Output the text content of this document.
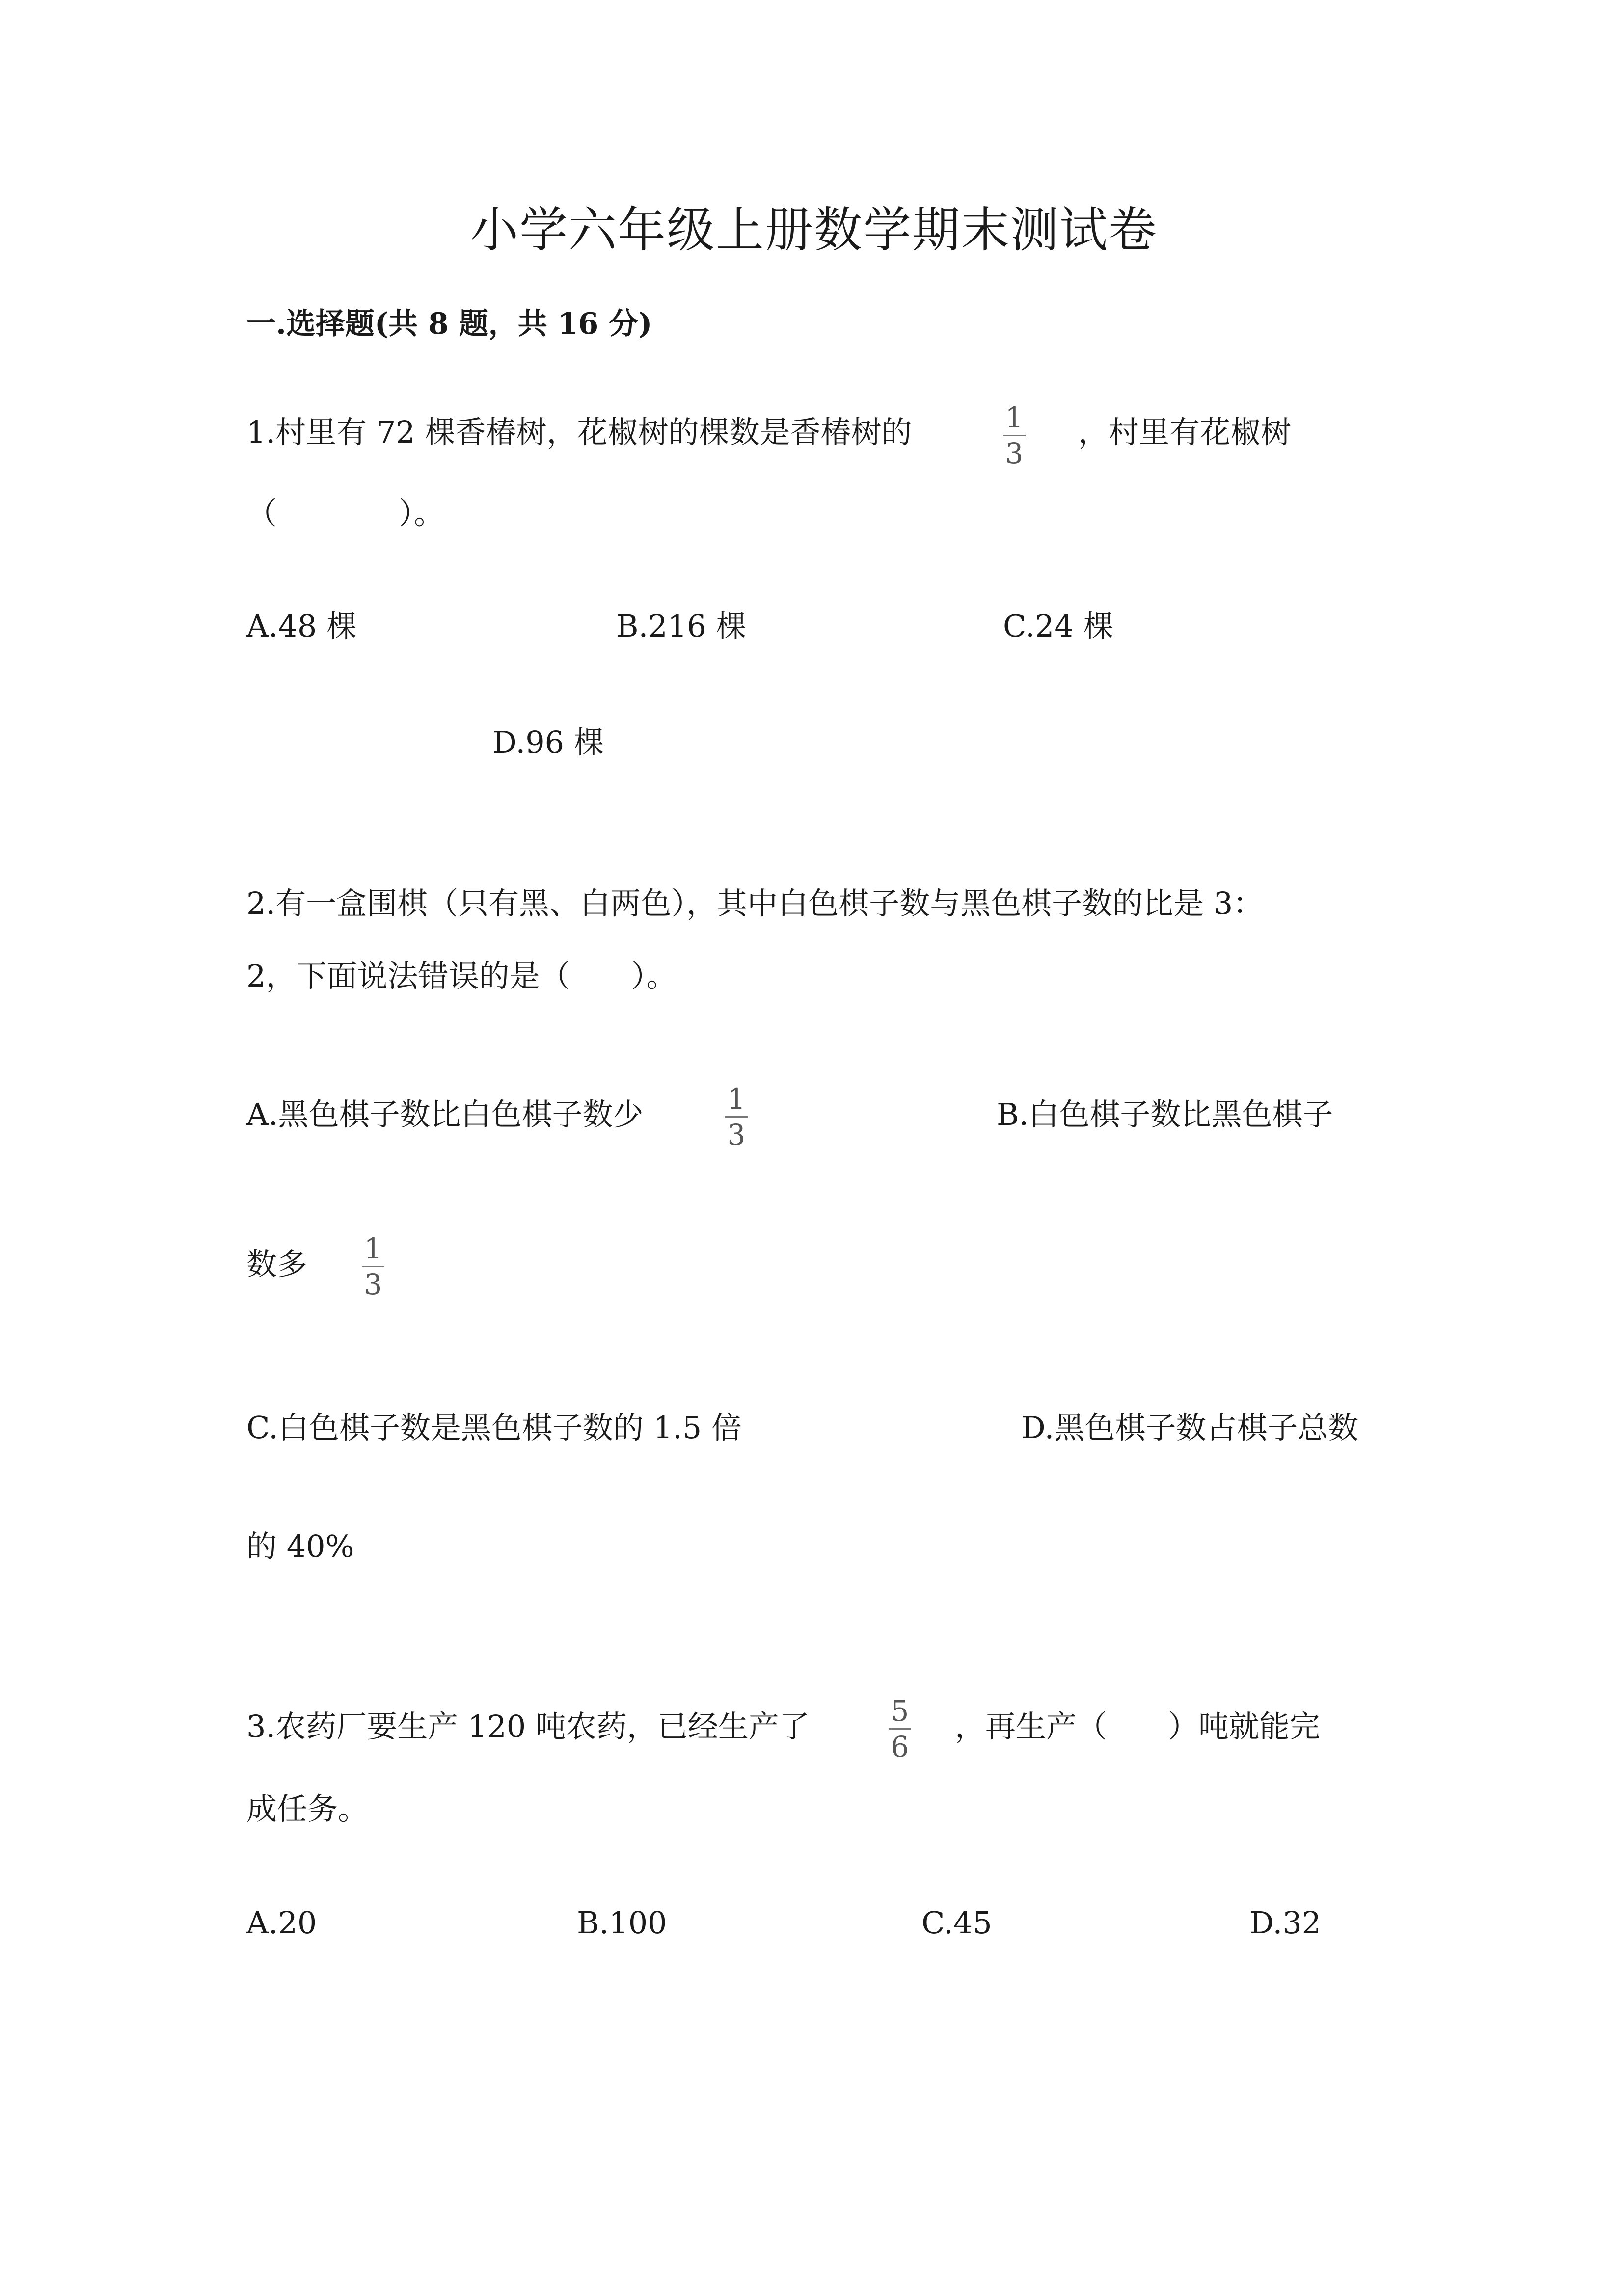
小学六年级上册数学期末测试卷
一.选择题(共 8 题，共 16 分)
1.村里有 72 棵香椿树，花椒树的棵数是香椿树的	1
3
，村里有花椒树
（　　　　）。
A.48 棵	B.216 棵	C.24 棵
D.96 棵
2.有一盒围棋（只有黑、白两色），其中白色棋子数与黑色棋子数的比是 3：
2，下面说法错误的是（　　）。
A.黑色棋子数比白色棋子数少	1
3
B.白色棋子数比黑色棋子
数多 1
3
C.白色棋子数是黑色棋子数的 1.5 倍	D.黑色棋子数占棋子总数
的 40%
3.农药厂要生产 120 吨农药，已经生产了	5
6
，再生产（　　）吨就能完
成任务。
A.20	B.100	C.45	D.32
